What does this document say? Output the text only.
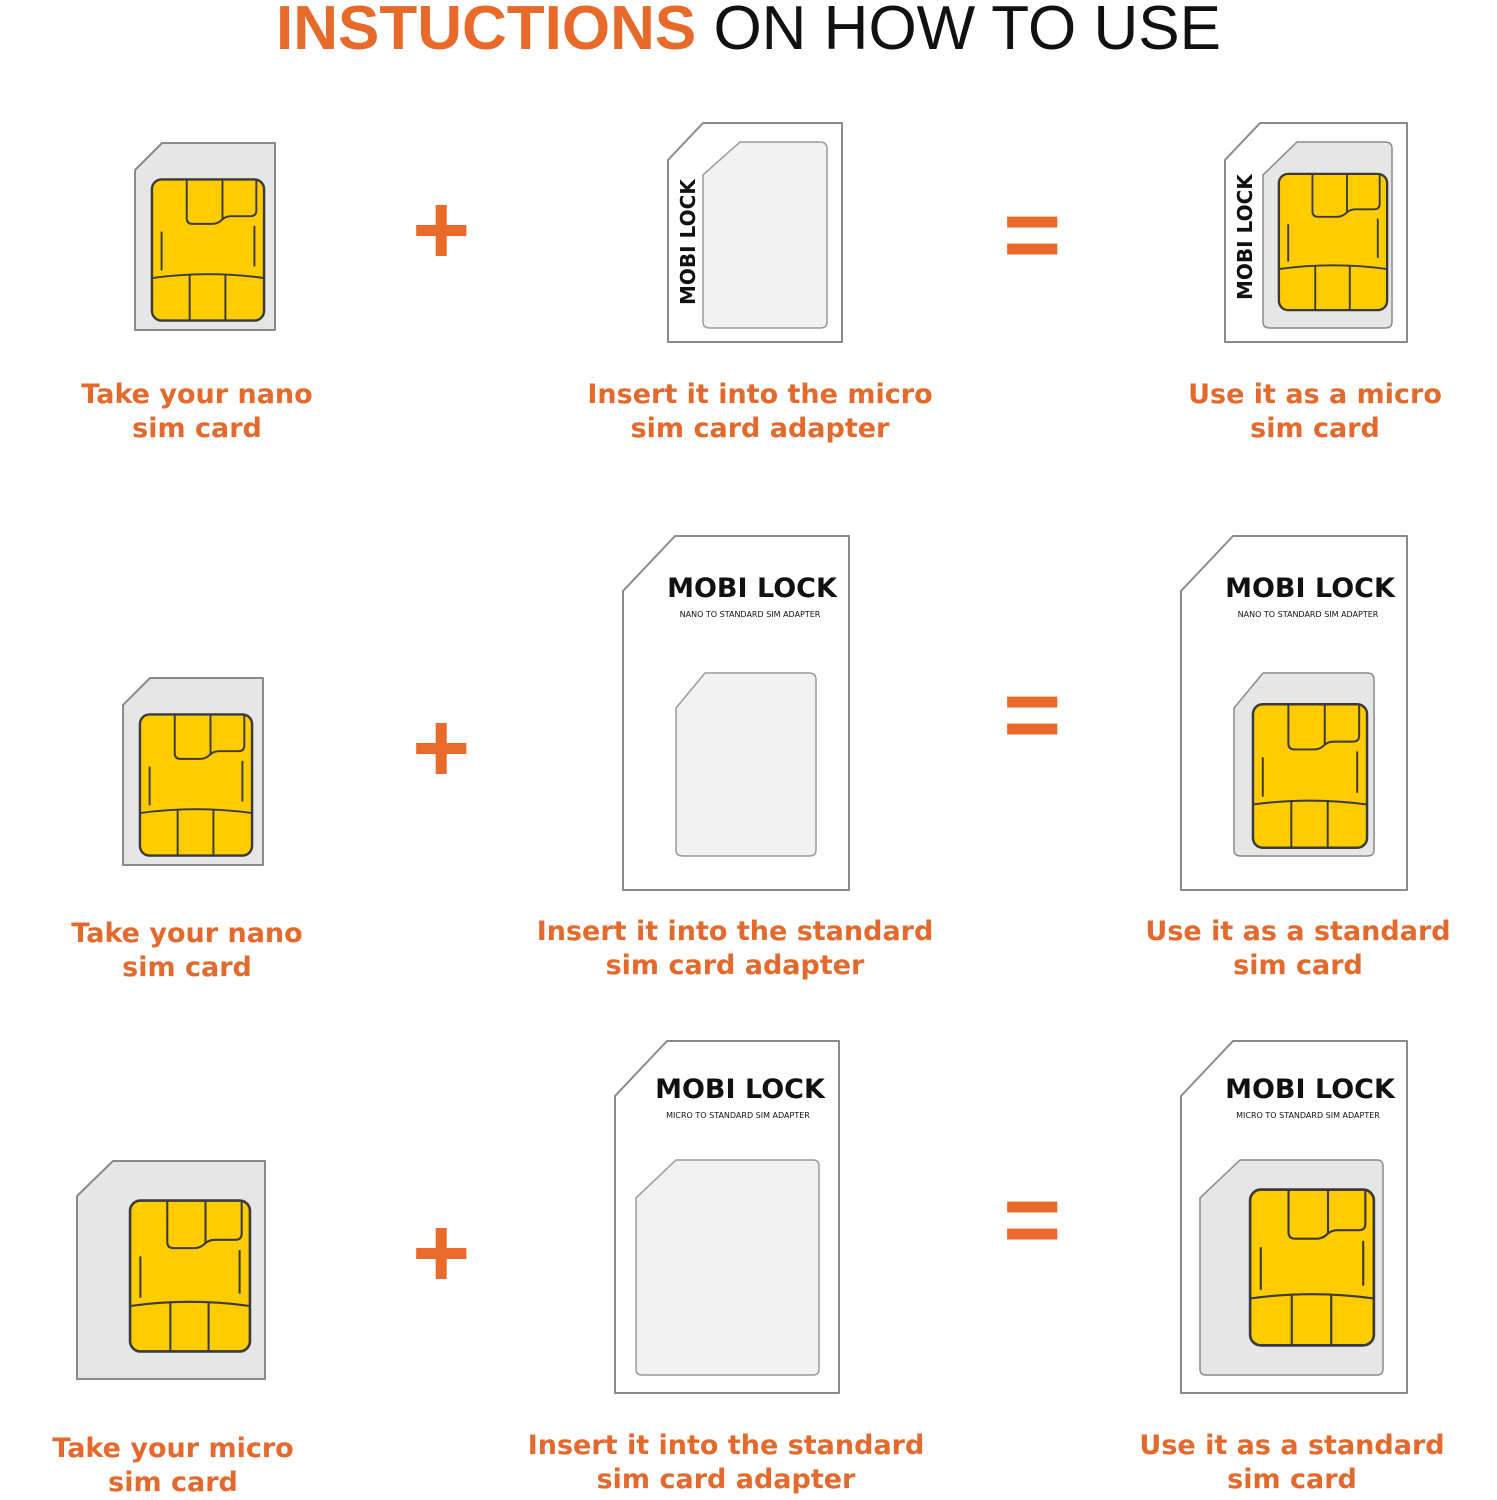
INSTUCTIONS ON HOW TO USE
+	MOBI LOCK	=	MOBI LOCK
Take your nano
sim card
Insert it into the micro
sim card adapter
Use it as a micro
sim card
+
MOBI LOCK
NANO TO STANDARD SIM ADAPTER
=
MOBI LOCK
NANO TO STANDARD SIM ADAPTER
Take your nano
sim card
Insert it into the standard
sim card adapter
Use it as a standard
sim card
+
MOBI LOCK
MICRO TO STANDARD SIM ADAPTER
=
MOBI LOCK
MICRO TO STANDARD SIM ADAPTER
Take your micro
sim card
Insert it into the standard
sim card adapter
Use it as a standard
sim card
